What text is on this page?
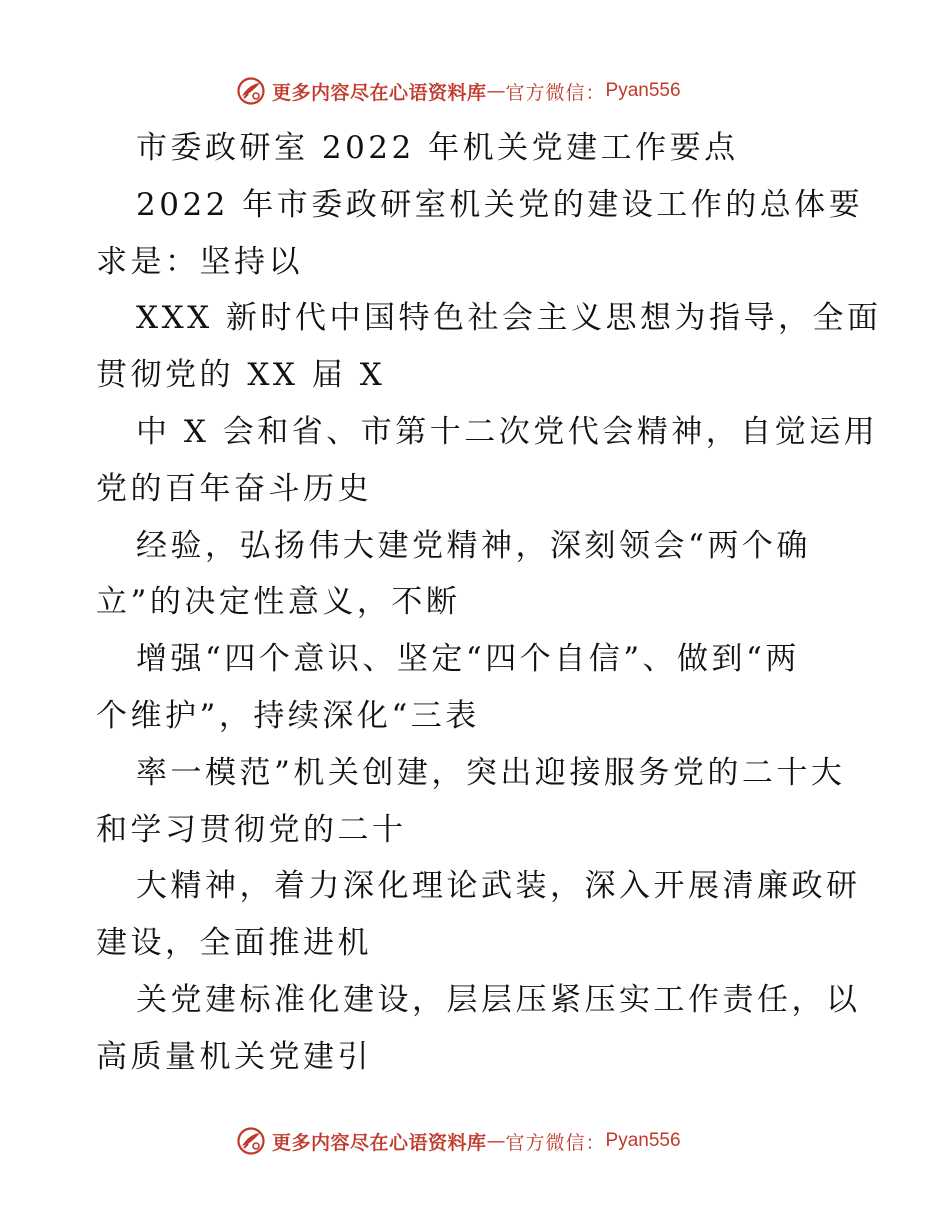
更多内容尽在心语资料库 — 官方微信： Pyan556
市委政研室 2022 年机关党建工作要点
2022 年市委政研室机关党的建设工作的总体要
求是：坚持以
XXX 新时代中国特色社会主义思想为指导，全面
贯彻党的 XX 届 X
中 X 会和省、市第十二次党代会精神，自觉运用
党的百年奋斗历史
经验，弘扬伟大建党精神，深刻领会“两个确
立”的决定性意义，不断
增强“四个意识、坚定“四个自信”、做到“两
个维护”，持续深化“三表
率一模范”机关创建，突出迎接服务党的二十大
和学习贯彻党的二十
大精神，着力深化理论武装，深入开展清廉政研
建设，全面推进机
关党建标准化建设，层层压紧压实工作责任，以
高质量机关党建引
更多内容尽在心语资料库 — 官方微信： Pyan556
